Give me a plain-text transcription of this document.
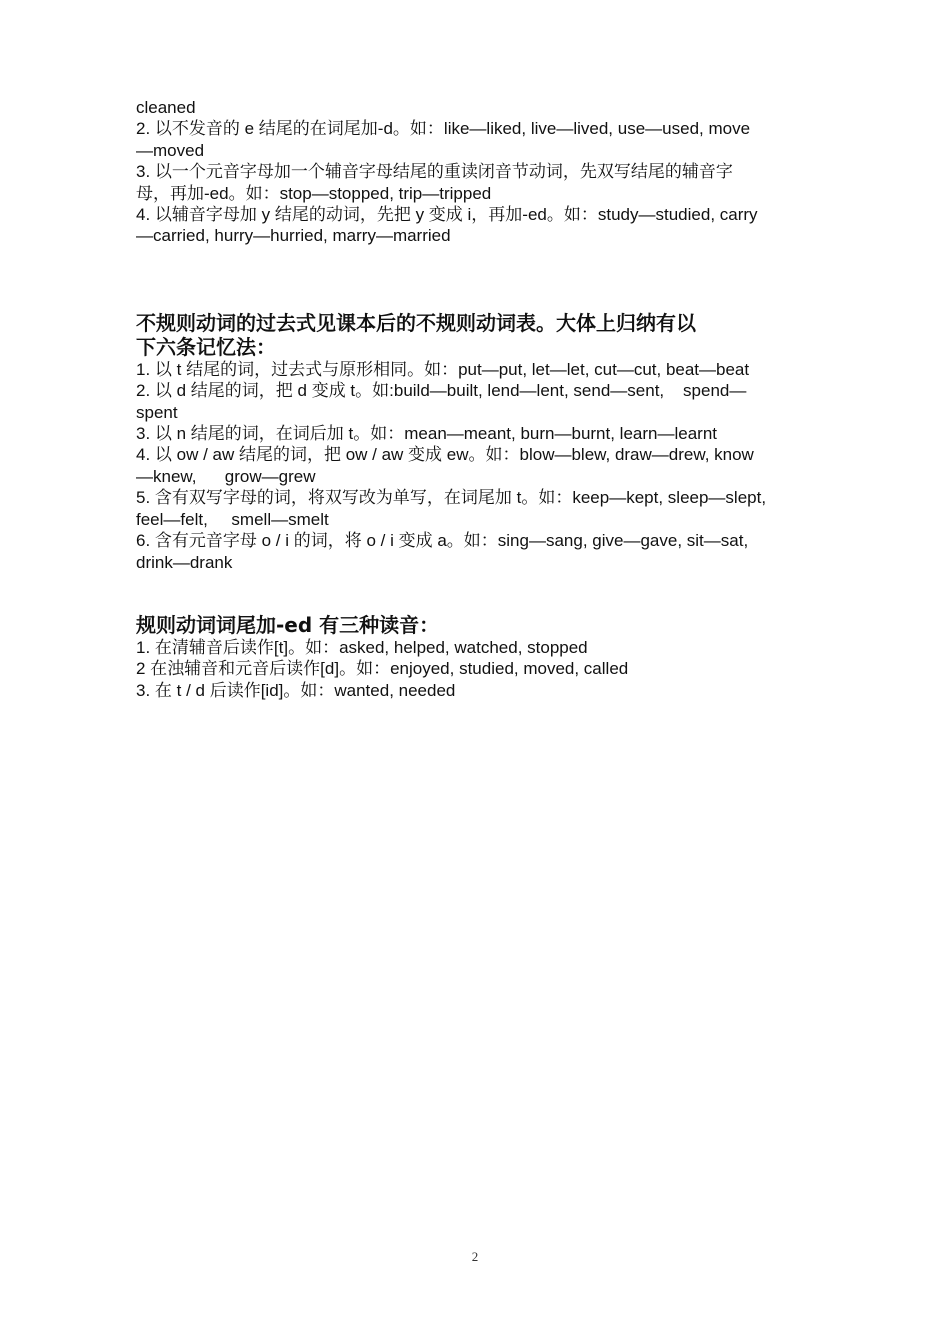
cleaned

2. 以不发音的 e 结尾的在词尾加-d。如：like—liked, live—lived, use—used, move

—moved

3. 以一个元音字母加一个辅音字母结尾的重读闭音节动词，先双写结尾的辅音字

母，再加-ed。如：stop—stopped, trip—tripped

4. 以辅音字母加 y 结尾的动词，先把 y 变成 i，再加-ed。如：study—studied, carry

—carried, hurry—hurried, marry—married

不规则动词的过去式见课本后的不规则动词表。大体上归纳有以

下六条记忆法：

1. 以 t 结尾的词，过去式与原形相同。如：put—put, let—let, cut—cut, beat—beat

2. 以 d 结尾的词，把 d 变成 t。如:build—built, lend—lent, send—sent,    spend—

spent

3. 以 n 结尾的词，在词后加 t。如：mean—meant, burn—burnt, learn—learnt

4. 以 ow / aw 结尾的词，把 ow / aw 变成 ew。如：blow—blew, draw—drew, know

—knew,      grow—grew

5. 含有双写字母的词，将双写改为单写，在词尾加 t。如：keep—kept, sleep—slept,

feel—felt,     smell—smelt

6. 含有元音字母 o / i 的词，将 o / i 变成 a。如：sing—sang, give—gave, sit—sat,

drink—drank

规则动词词尾加-ed 有三种读音：

1. 在清辅音后读作[t]。如：asked, helped, watched, stopped

2 在浊辅音和元音后读作[d]。如：enjoyed, studied, moved, called

3. 在 t / d 后读作[id]。如：wanted, needed

2
